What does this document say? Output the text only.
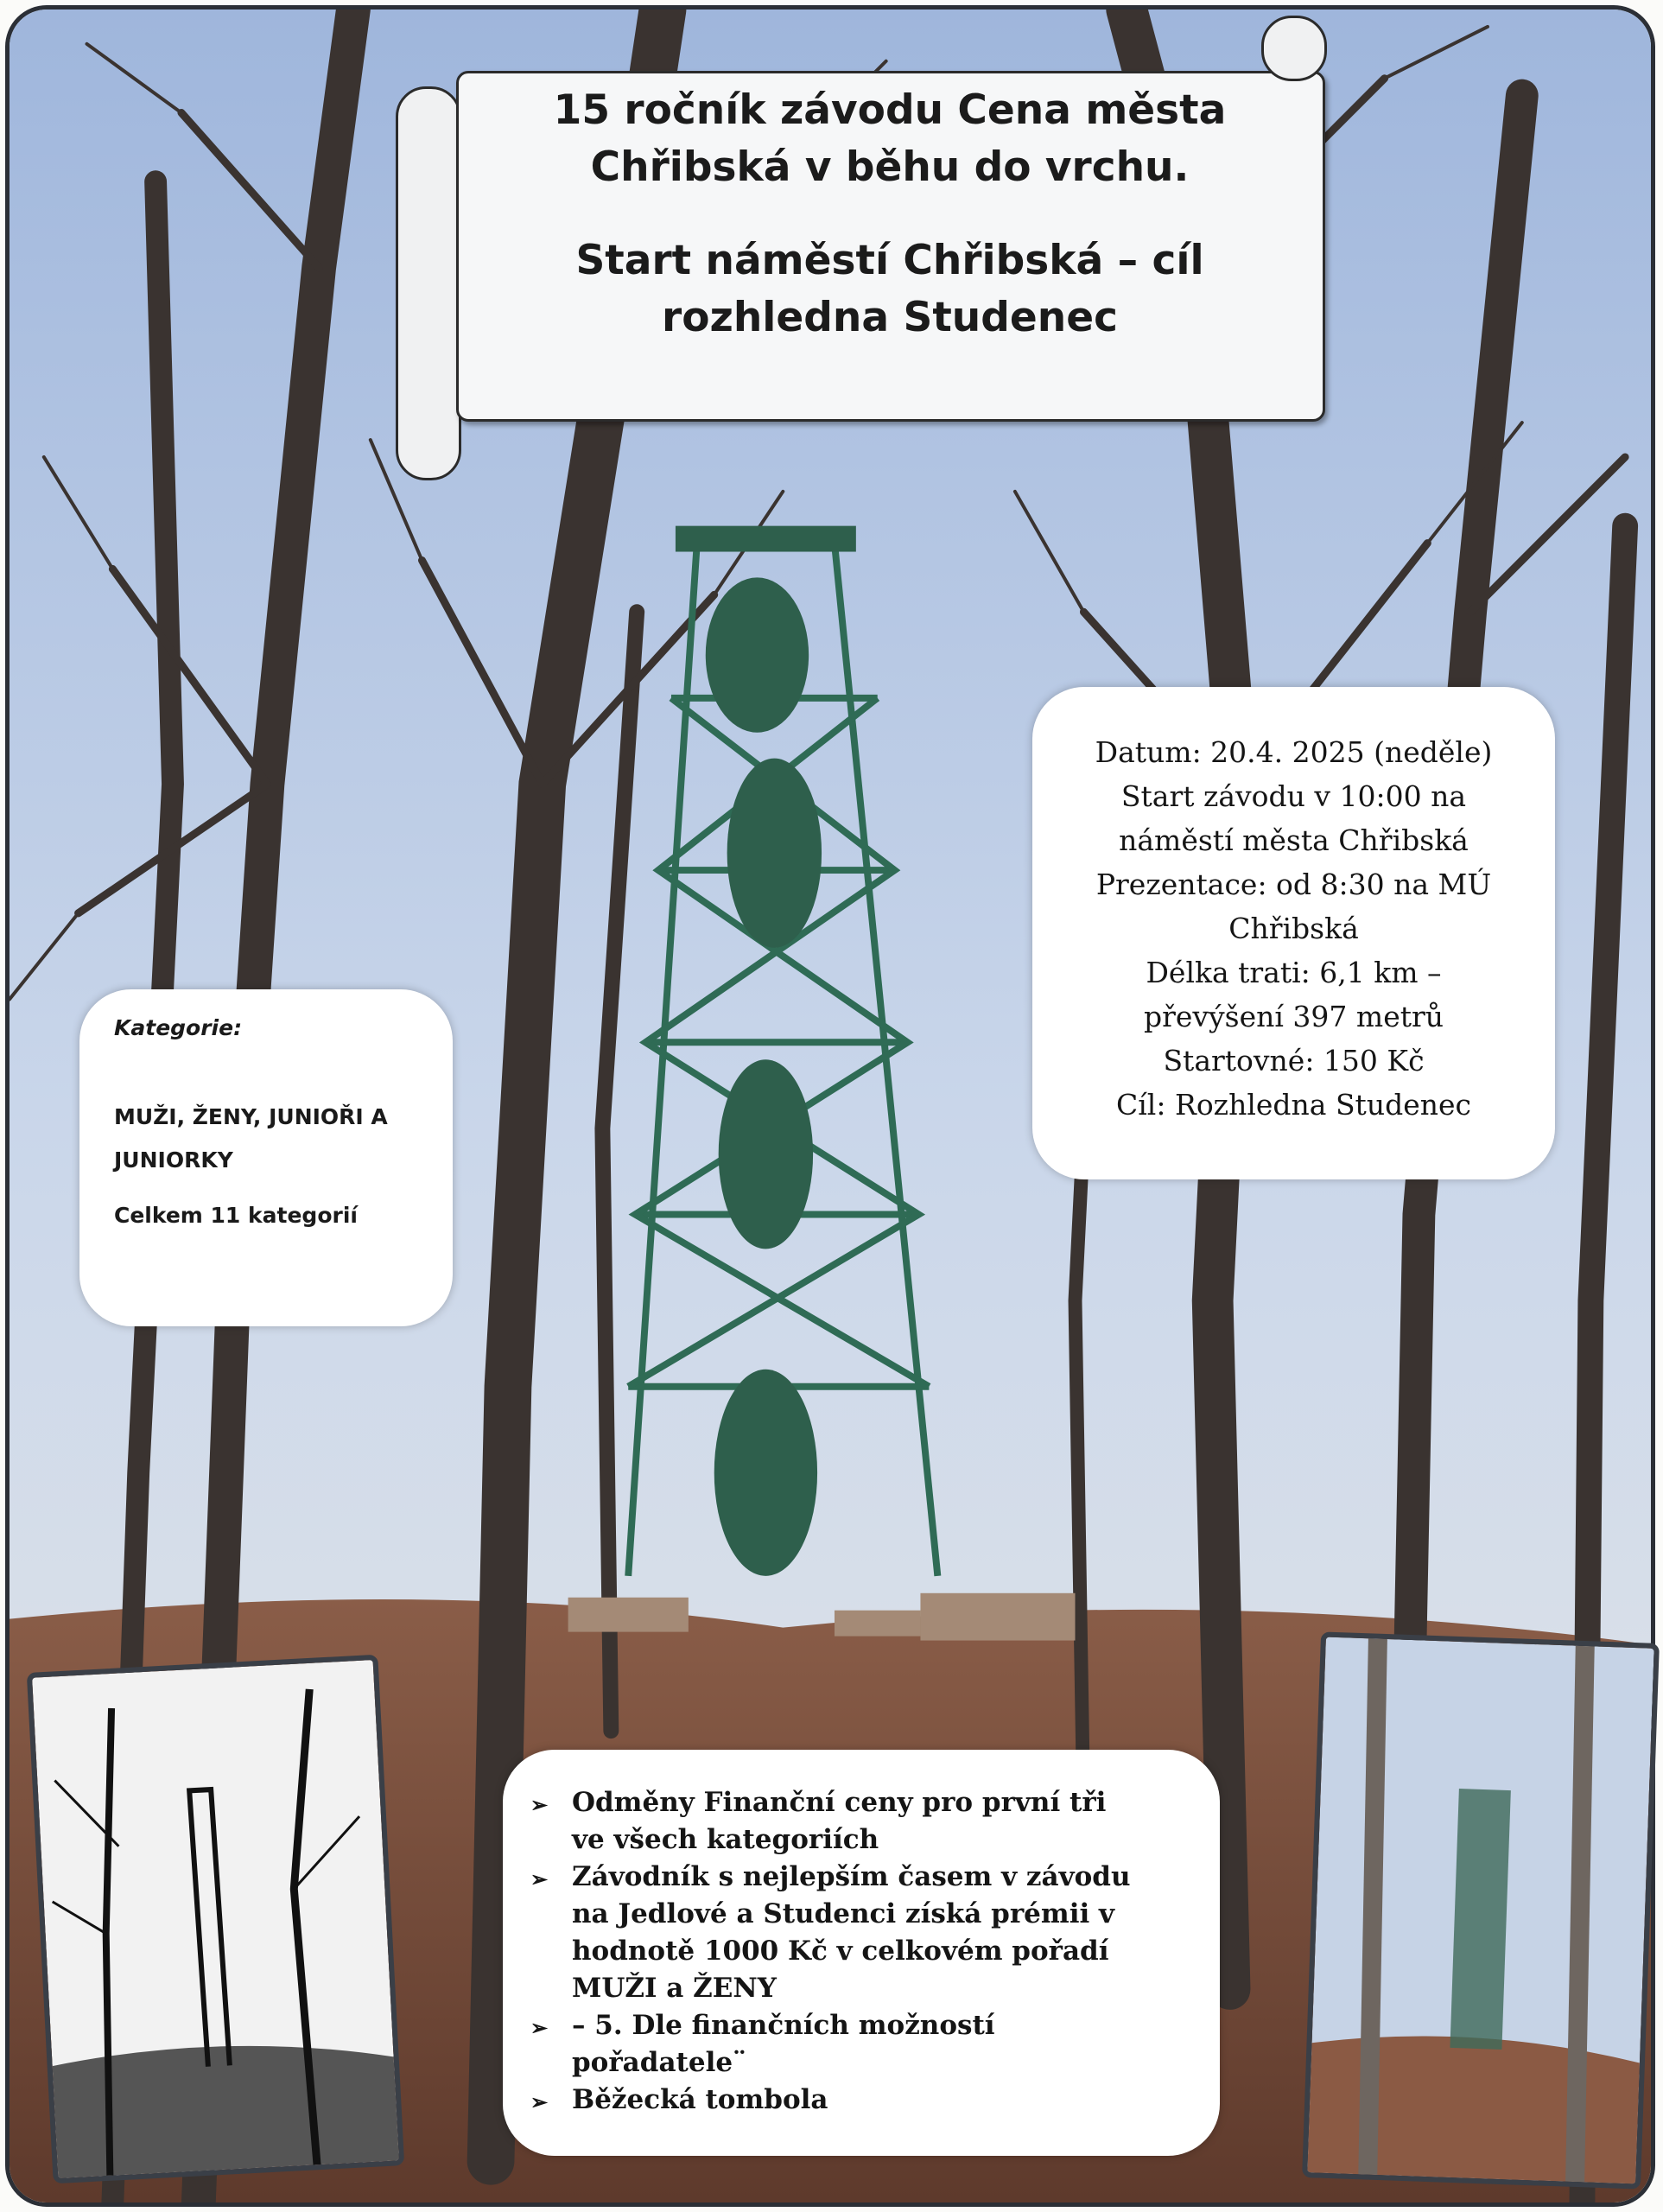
15 ročník závodu Cena města

Chřibská v běhu do vrchu.

Start náměstí Chřibská – cíl

rozhledna Studenec

Datum: 20.4. 2025 (neděle)
Start závodu v 10:00 na
náměstí města Chřibská
Prezentace: od 8:30 na MÚ
Chřibská
Délka trati: 6,1 km –
převýšení 397 metrů
Startovné: 150 Kč
Cíl: Rozhledna Studenec
Kategorie:
MUŽI, ŽENY, JUNIOŘI A
JUNIORKY
Celkem 11 kategorií
➢ Odměny Finanční ceny pro první tři
ve všech kategoriích
➢ Závodník s nejlepším časem v závodu
na Jedlové a Studenci získá prémii v
hodnotě 1000 Kč v celkovém pořadí
MUŽI a ŽENY
➢ – 5. Dle finančních možností
pořadatele¨
➢ Běžecká tombola
